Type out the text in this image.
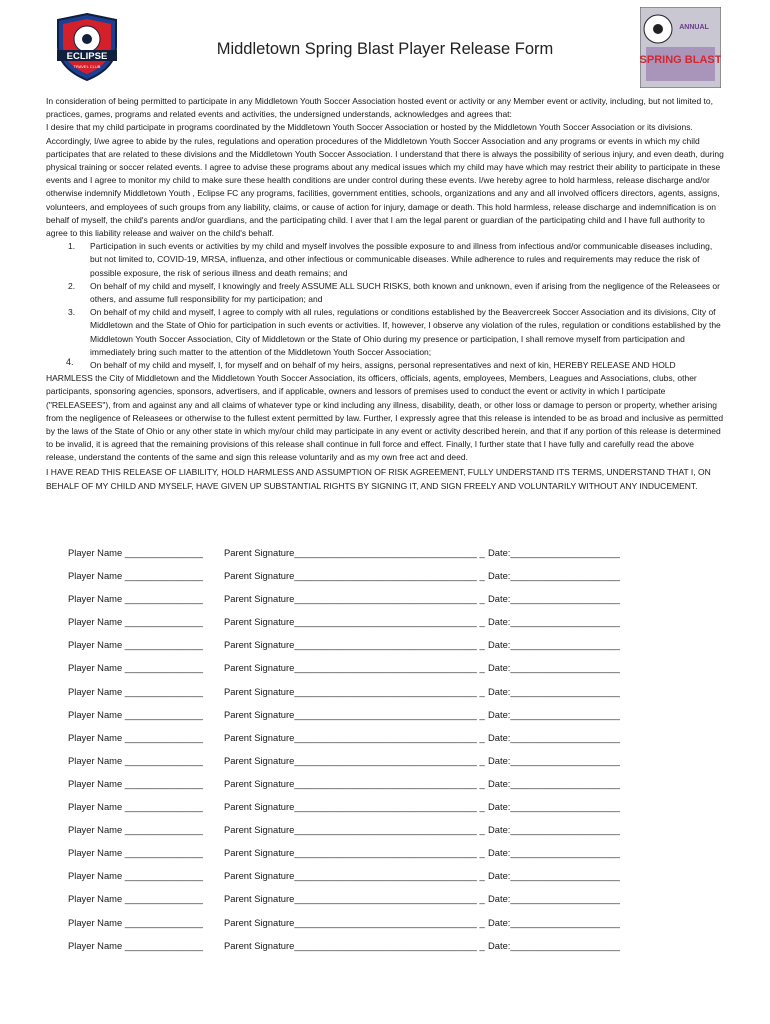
ECLIPSE
TRAVEL CLUB
ANNUAL
SPRING BLAST
Middletown Spring Blast Player Release Form

In consideration of being permitted to participate in any Middletown Youth Soccer Association hosted event or activity or any Member event or activity, including, but not limited to, practices, games, programs and related events and activities, the undersigned understands, acknowledges and agrees that:

I desire that my child participate in programs coordinated by the Middletown Youth Soccer Association or hosted by the Middletown Youth Soccer Association or its divisions. Accordingly, I/we agree to abide by the rules, regulations and operation procedures of the Middletown Youth Soccer Association and any programs or events in which my child participates that are related to these divisions and the Middletown Youth Soccer Association. I understand that there is always the possibility of serious injury, and even death, during physical training or soccer related events. I agree to advise these programs about any medical issues which my child may have which may restrict their ability to participate in these events and I agree to monitor my child to make sure these health conditions are under control during these events. I/we hereby agree to hold harmless, release discharge and/or otherwise indemnify Middletown Youth , Eclipse FC any programs, facilities, government entities, schools, organizations and any and all involved officers directors, agents, assigns, volunteers, and employees of such groups from any liability, claims, or cause of action for injury, damage or death. This hold harmless, release discharge and indemnification is on behalf of myself, the child's parents and/or guardians, and the participating child. I aver that I am the legal parent or guardian of the participating child and I have full authority to agree to this liability release and waiver on the child's behalf.

1. Participation in such events or activities by my child and myself involves the possible exposure to and illness from infectious and/or communicable diseases including, but not limited to, COVID-19, MRSA, influenza, and other infectious or communicable diseases. While adherence to rules and requirements may reduce the risk of possible exposure, the risk of serious illness and death remains; and
2. On behalf of my child and myself, I knowingly and freely ASSUME ALL SUCH RISKS, both known and unknown, even if arising from the negligence of the Releasees or others, and assume full responsibility for my participation; and
3. On behalf of my child and myself, I agree to comply with all rules, regulations or conditions established by the Beavercreek Soccer Association and its divisions, City of Middletown and the State of Ohio for participation in such events or activities. If, however, I observe any violation of the rules, regulation or conditions established by the Middletown Youth Soccer Association, City of Middletown or the State of Ohio during my presence or participation, I shall remove myself from participation and immediately bring such matter to the attention of the Middletown Youth Soccer Association;
4. On behalf of my child and myself, I, for myself and on behalf of my heirs, assigns, personal representatives and next of kin, HEREBY RELEASE AND HOLD

HARMLESS the City of Middletown and the Middletown Youth Soccer Association, its officers, officials, agents, employees, Members, Leagues and Associations, clubs, other participants, sponsoring agencies, sponsors, advertisers, and if applicable, owners and lessors of premises used to conduct the event or activity in which I participate ("RELEASEES"), from and against any and all claims of whatever type or kind including any illness, disability, death, or other loss or damage to person or property, whether arising from the negligence of Releasees or otherwise to the fullest extent permitted by law. Further, I expressly agree that this release is intended to be as broad and inclusive as permitted by the laws of the State of Ohio or any other state in which my/our child may participate in any event or activity described herein, and that if any portion of this release is determined to be invalid, it is agreed that the remaining provisions of this release shall continue in full force and effect. Finally, I further state that I have fully and carefully read the above release, understand the contents of the same and sign this release voluntarily and as my own free act and deed.

I HAVE READ THIS RELEASE OF LIABILITY, HOLD HARMLESS AND ASSUMPTION OF RISK AGREEMENT, FULLY UNDERSTAND ITS TERMS, UNDERSTAND THAT I, ON BEHALF OF MY CHILD AND MYSELF, HAVE GIVEN UP SUBSTANTIAL RIGHTS BY SIGNING IT, AND SIGN FREELY AND VOLUNTARILY WITHOUT ANY INDUCEMENT.

Player Name _______________ Parent Signature___________________________________ _ Date:_____________________
Player Name _______________ Parent Signature___________________________________ _ Date:_____________________
Player Name _______________ Parent Signature___________________________________ _ Date:_____________________
Player Name _______________ Parent Signature___________________________________ _ Date:_____________________
Player Name _______________ Parent Signature___________________________________ _ Date:_____________________
Player Name _______________ Parent Signature___________________________________ _ Date:_____________________
Player Name _______________ Parent Signature___________________________________ _ Date:_____________________
Player Name _______________ Parent Signature___________________________________ _ Date:_____________________
Player Name _______________ Parent Signature___________________________________ _ Date:_____________________
Player Name _______________ Parent Signature___________________________________ _ Date:_____________________
Player Name _______________ Parent Signature___________________________________ _ Date:_____________________
Player Name _______________ Parent Signature___________________________________ _ Date:_____________________
Player Name _______________ Parent Signature___________________________________ _ Date:_____________________
Player Name _______________ Parent Signature___________________________________ _ Date:_____________________
Player Name _______________ Parent Signature___________________________________ _ Date:_____________________
Player Name _______________ Parent Signature___________________________________ _ Date:_____________________
Player Name _______________ Parent Signature___________________________________ _ Date:_____________________
Player Name _______________ Parent Signature___________________________________ _ Date:_____________________
